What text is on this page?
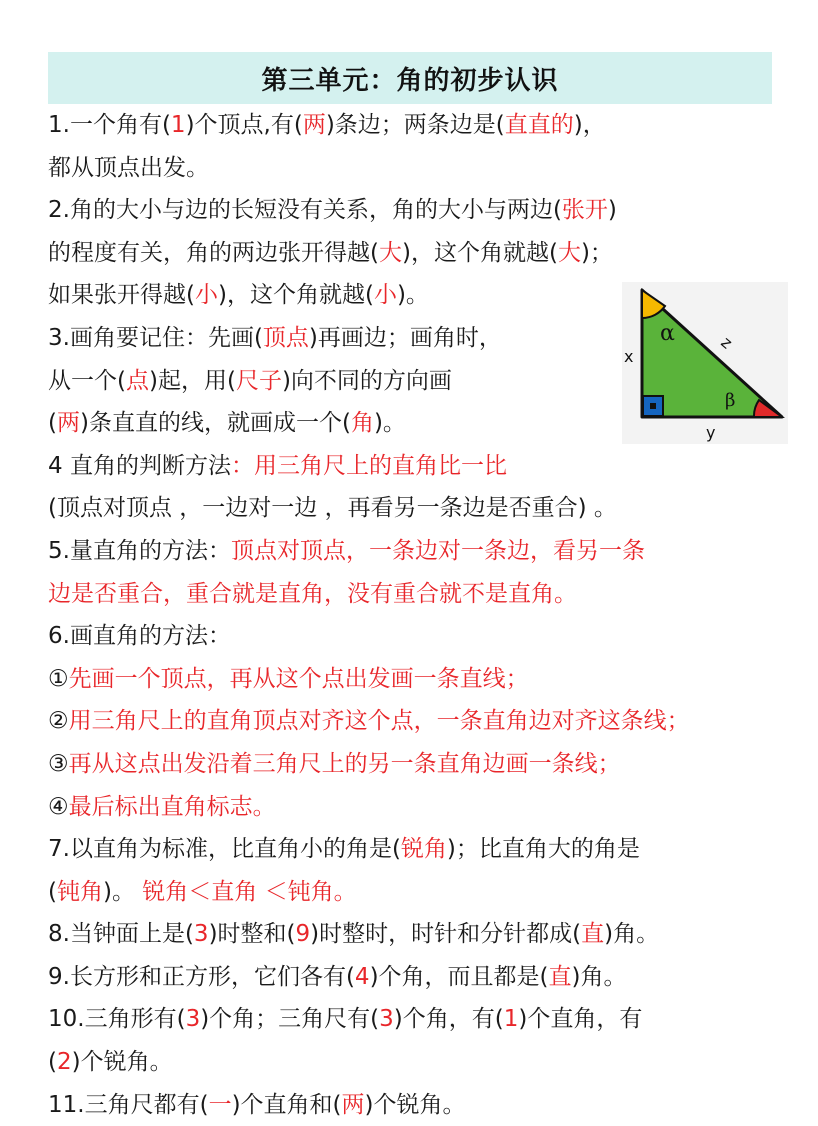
第三单元：角的初步认识
1.一个角有(1)个顶点,有(两)条边；两条边是(直直的)，
都从顶点出发。
2.角的大小与边的长短没有关系，角的大小与两边(张开)
的程度有关，角的两边张开得越(大)，这个角就越(大)；
如果张开得越(小)，这个角就越(小)。
3.画角要记住：先画(顶点)再画边；画角时，
从一个(点)起，用(尺子)向不同的方向画
(两)条直直的线，就画成一个(角)。
4 直角的判断方法：用三角尺上的直角比一比
(顶点对顶点 ，一边对一边 ，再看另一条边是否重合) 。
5.量直角的方法：顶点对顶点，一条边对一条边，看另一条
边是否重合，重合就是直角，没有重合就不是直角。
6.画直角的方法：
①先画一个顶点，再从这个点出发画一条直线；
②用三角尺上的直角顶点对齐这个点，一条直角边对齐这条线；
③再从这点出发沿着三角尺上的另一条直角边画一条线；
④最后标出直角标志。
7.以直角为标准，比直角小的角是(锐角)；比直角大的角是
(钝角)。 锐角＜直角 ＜钝角。
8.当钟面上是(3)时整和(9)时整时，时针和分针都成(直)角。
9.长方形和正方形，它们各有(4)个角，而且都是(直)角。
10.三角形有(3)个角；三角尺有(3)个角，有(1)个直角，有
(2)个锐角。
11.三角尺都有(一)个直角和(两)个锐角。
α
β
x
y
z
